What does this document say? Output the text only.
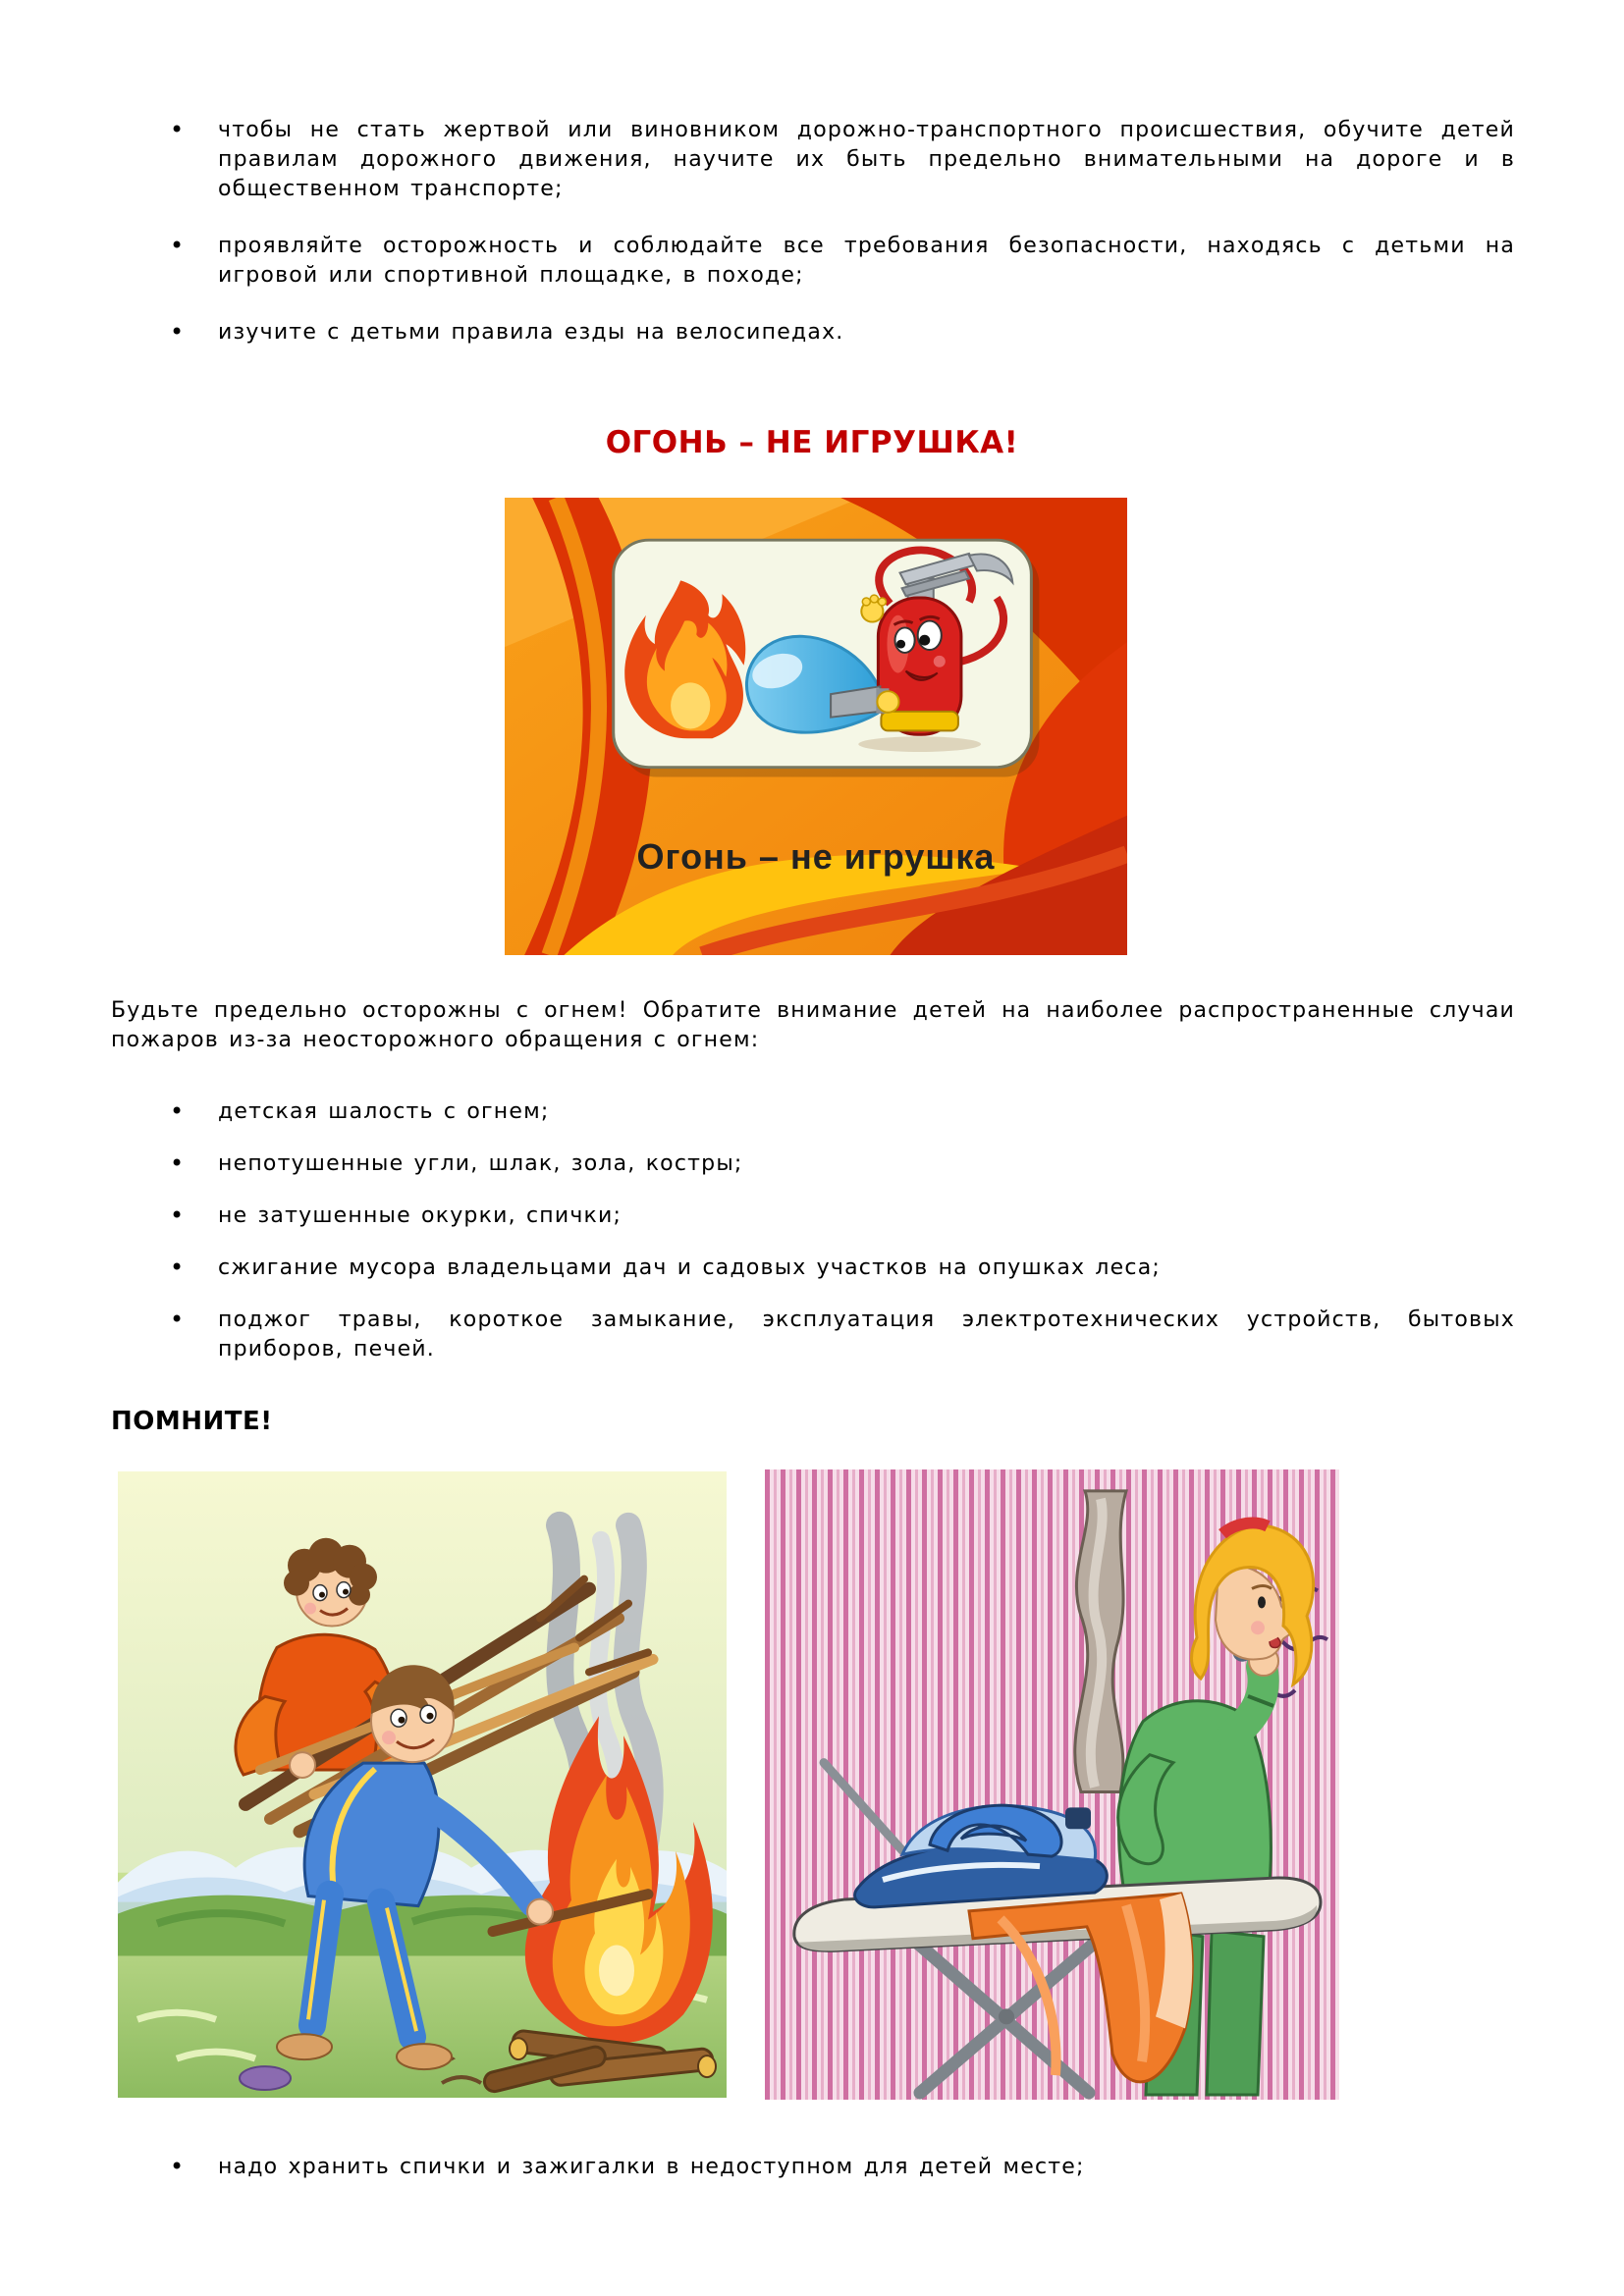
• чтобы не стать жертвой или виновником дорожно-транспортного происшествия, обучите детей правилам дорожного движения, научите их быть предельно внимательными на дороге и в общественном транспорте;
• проявляйте осторожность и соблюдайте все требования безопасности, находясь с детьми на игровой или спортивной площадке, в походе;
• изучите с детьми правила езды на велосипедах.
ОГОНЬ – НЕ ИГРУШКА!
Огонь – не игрушка

Будьте предельно осторожны с огнем! Обратите внимание детей на наиболее распространенные случаи пожаров из-за неосторожного обращения с огнем:

• детская шалость с огнем;
• непотушенные угли, шлак, зола, костры;
• не затушенные окурки, спички;
• сжигание мусора владельцами дач и садовых участков на опушках леса;
• поджог травы, короткое замыкание, эксплуатация электротехнических устройств, бытовых приборов, печей.
ПОМНИТЕ!
• надо хранить спички и зажигалки в недоступном для детей месте;
